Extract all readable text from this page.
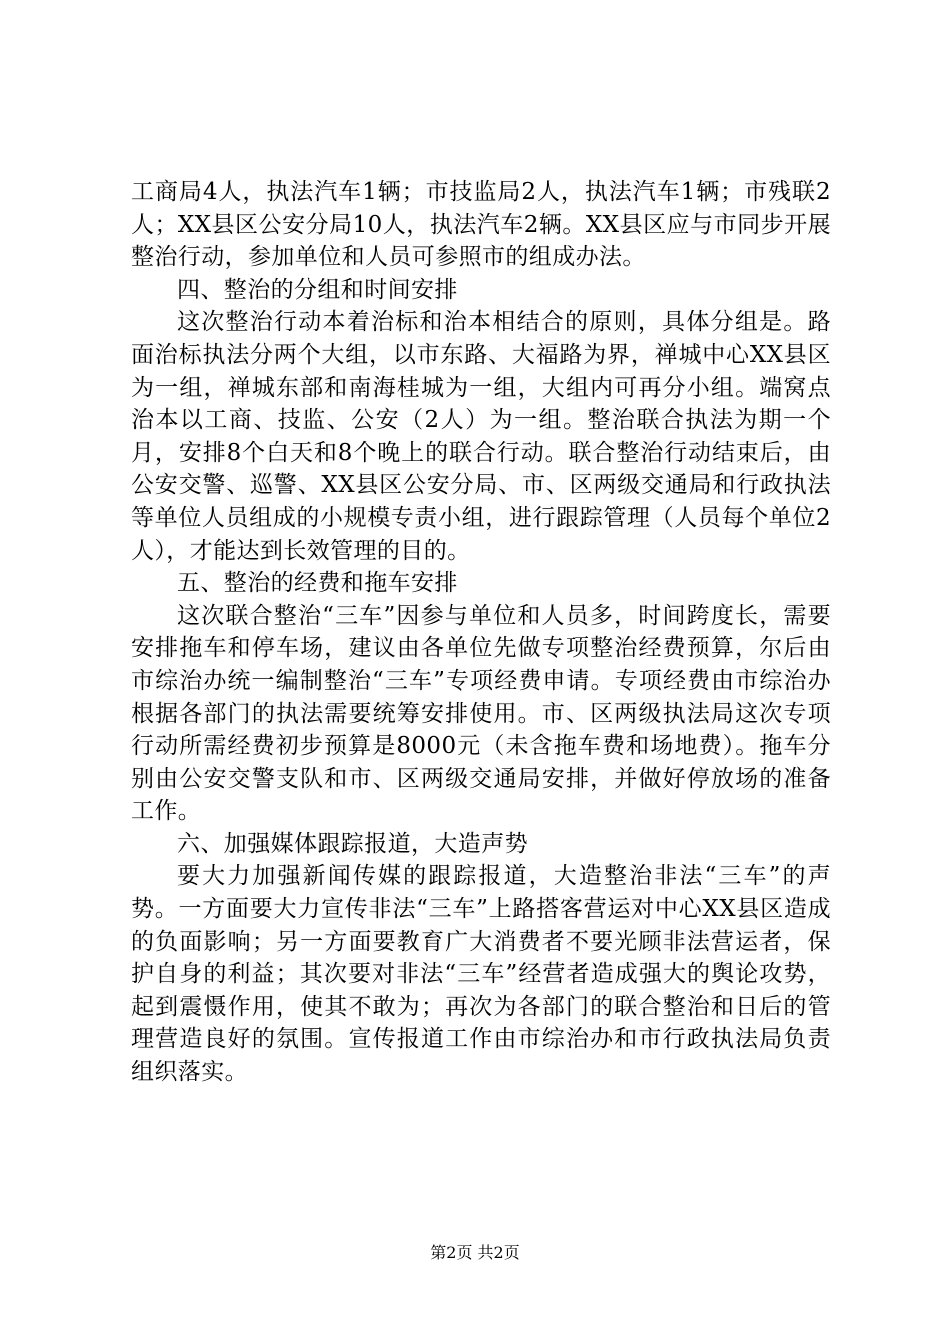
工商局4人，执法汽车1辆；市技监局2人，执法汽车1辆；市残联2人；XX县区公安分局10人，执法汽车2辆。XX县区应与市同步开展整治行动，参加单位和人员可参照市的组成办法。

四、整治的分组和时间安排

这次整治行动本着治标和治本相结合的原则，具体分组是。路面治标执法分两个大组，以市东路、大福路为界，禅城中心XX县区为一组，禅城东部和南海桂城为一组，大组内可再分小组。端窝点治本以工商、技监、公安（2人）为一组。整治联合执法为期一个月，安排8个白天和8个晚上的联合行动。联合整治行动结束后，由公安交警、巡警、XX县区公安分局、市、区两级交通局和行政执法等单位人员组成的小规模专责小组，进行跟踪管理（人员每个单位2人），才能达到长效管理的目的。

五、整治的经费和拖车安排

这次联合整治“三车”因参与单位和人员多，时间跨度长，需要安排拖车和停车场，建议由各单位先做专项整治经费预算，尔后由市综治办统一编制整治“三车”专项经费申请。专项经费由市综治办根据各部门的执法需要统筹安排使用。市、区两级执法局这次专项行动所需经费初步预算是8000元（未含拖车费和场地费）。拖车分别由公安交警支队和市、区两级交通局安排，并做好停放场的准备工作。

六、加强媒体跟踪报道，大造声势

要大力加强新闻传媒的跟踪报道，大造整治非法“三车”的声势。一方面要大力宣传非法“三车”上路搭客营运对中心XX县区造成的负面影响；另一方面要教育广大消费者不要光顾非法营运者，保护自身的利益；其次要对非法“三车”经营者造成强大的舆论攻势，起到震慑作用，使其不敢为；再次为各部门的联合整治和日后的管理营造良好的氛围。宣传报道工作由市综治办和市行政执法局负责组织落实。

第2页 共2页
